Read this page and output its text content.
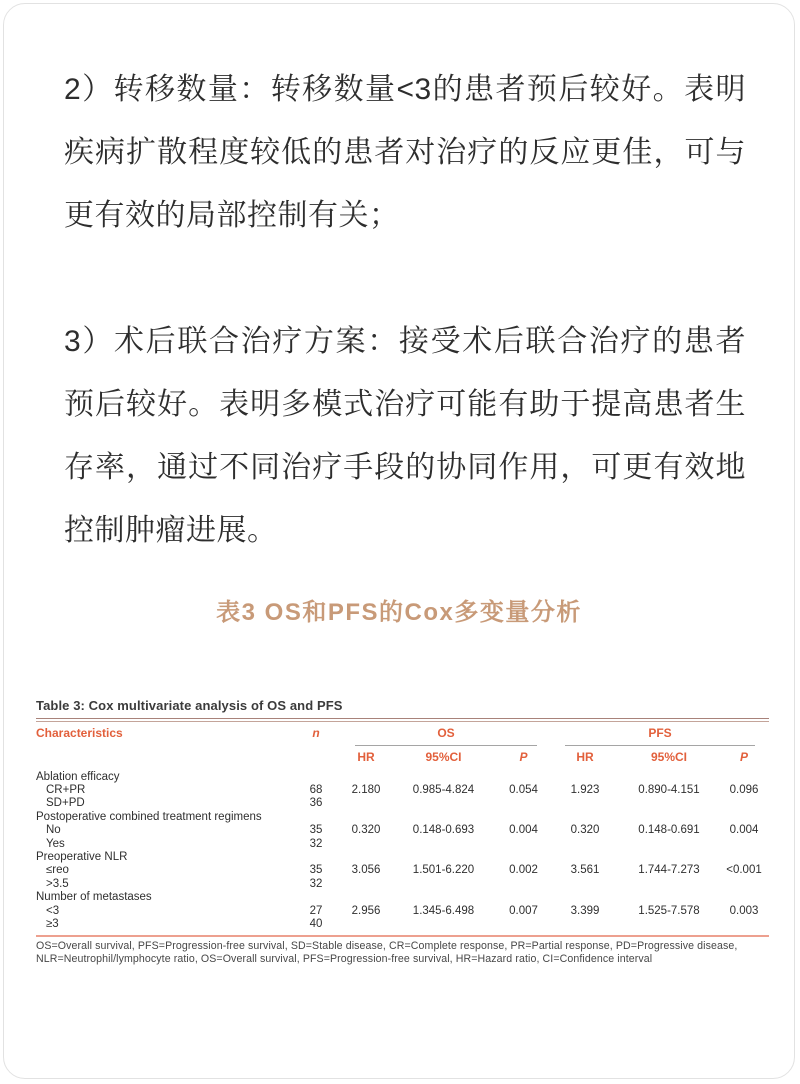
2）转移数量：转移数量<3的患者预后较好。表明疾病扩散程度较低的患者对治疗的反应更佳，可与更有效的局部控制有关；

3）术后联合治疗方案：接受术后联合治疗的患者预后较好。表明多模式治疗可能有助于提高患者生存率，通过不同治疗手段的协同作用，可更有效地控制肿瘤进展。

表3 OS和PFS的Cox多变量分析
Table 3: Cox multivariate analysis of OS and PFS
Characteristics	n	OS	PFS
HR	95%CI	P	HR	95%CI	P
Ablation efficacy
CR+PR	68	2.180	0.985-4.824	0.054	1.923	0.890-4.151	0.096
SD+PD	36
Postoperative combined treatment regimens
No	35	0.320	0.148-0.693	0.004	0.320	0.148-0.691	0.004
Yes	32
Preoperative NLR
≤reo	35	3.056	1.501-6.220	0.002	3.561	1.744-7.273	<0.001
>3.5	32
Number of metastases
<3	27	2.956	1.345-6.498	0.007	3.399	1.525-7.578	0.003
≥3	40
OS=Overall survival, PFS=Progression-free survival, SD=Stable disease, CR=Complete response, PR=Partial response, PD=Progressive disease,
NLR=Neutrophil/lymphocyte ratio, OS=Overall survival, PFS=Progression-free survival, HR=Hazard ratio, CI=Confidence interval
